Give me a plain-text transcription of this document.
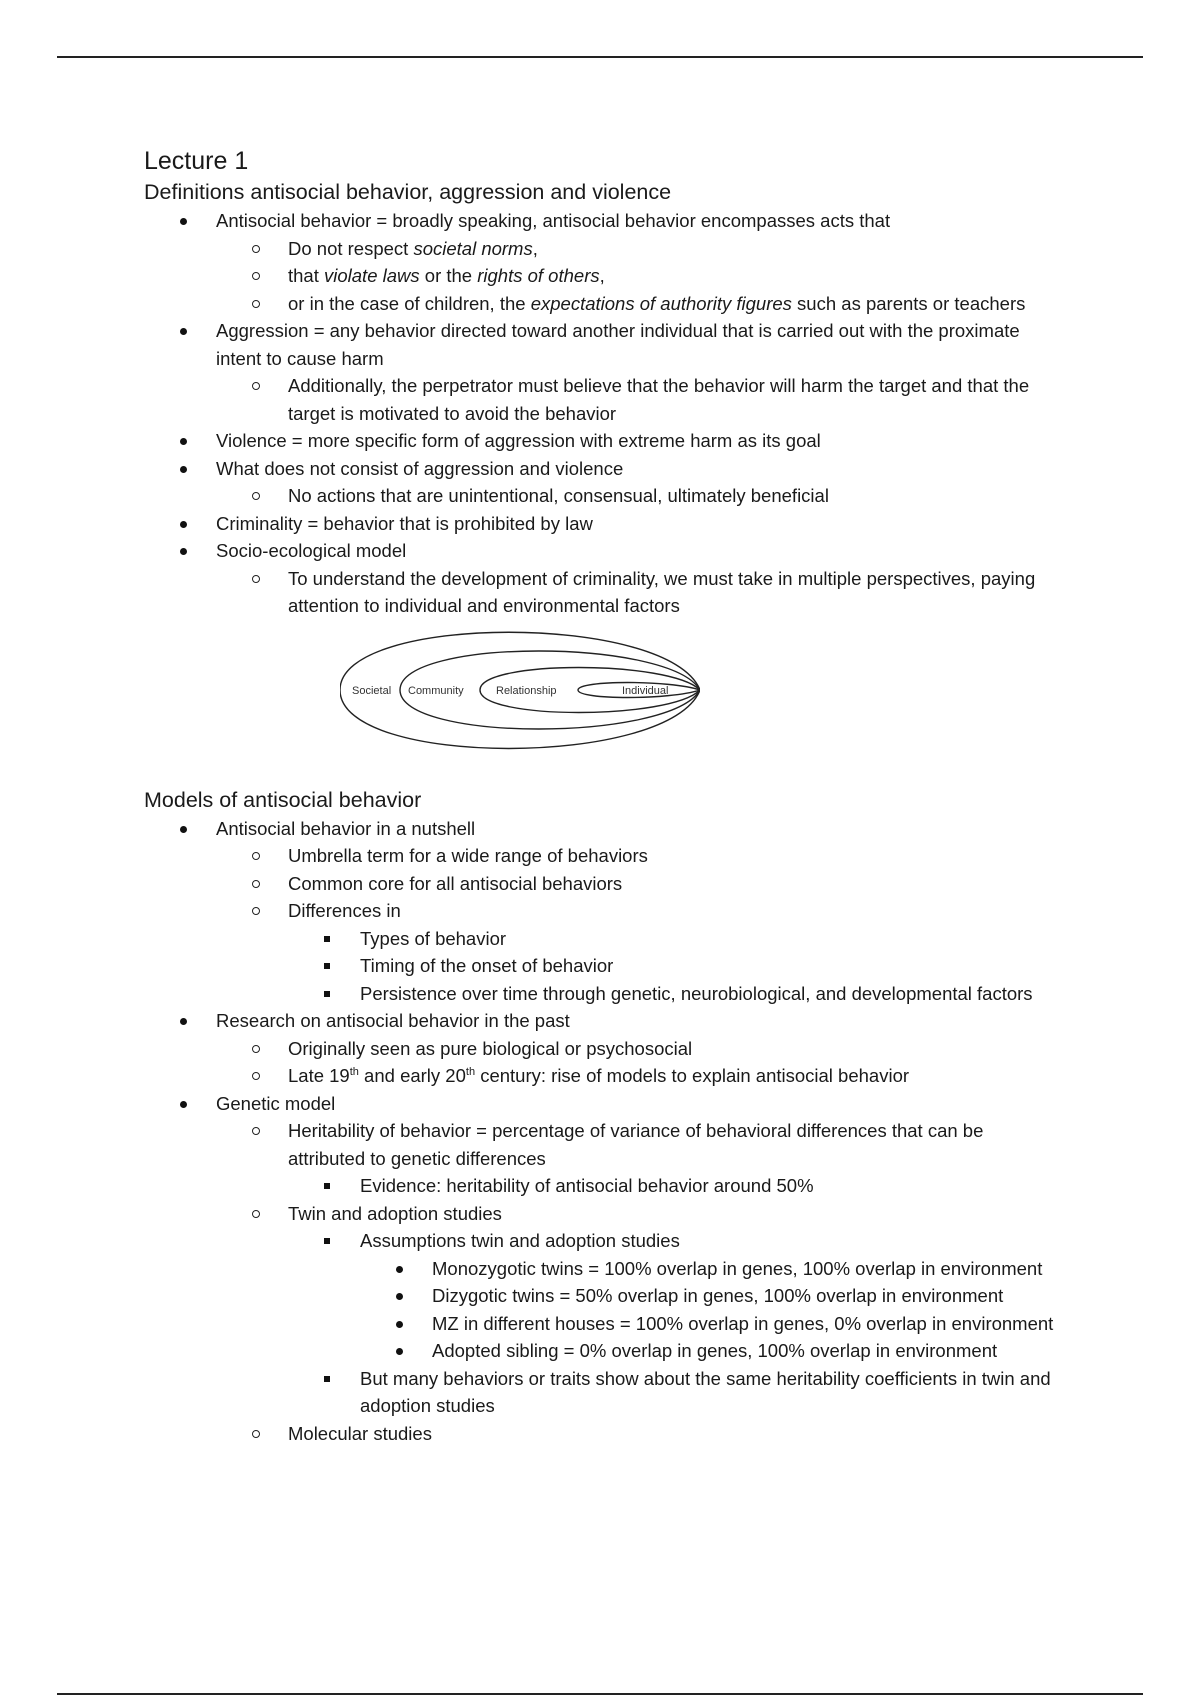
Lecture 1
Definitions antisocial behavior, aggression and violence
Antisocial behavior = broadly speaking, antisocial behavior encompasses acts that
Do not respect societal norms,
that violate laws or the rights of others,
or in the case of children, the expectations of authority figures such as parents or teachers
Aggression = any behavior directed toward another individual that is carried out with the proximate intent to cause harm
Additionally, the perpetrator must believe that the behavior will harm the target and that the target is motivated to avoid the behavior
Violence = more specific form of aggression with extreme harm as its goal
What does not consist of aggression and violence
No actions that are unintentional, consensual, ultimately beneficial
Criminality = behavior that is prohibited by law
Socio-ecological model
To understand the development of criminality, we must take in multiple perspectives, paying attention to individual and environmental factors
Societal Community	Relationship	Individual
Models of antisocial behavior
Antisocial behavior in a nutshell
Umbrella term for a wide range of behaviors
Common core for all antisocial behaviors
Differences in
Types of behavior
Timing of the onset of behavior
Persistence over time through genetic, neurobiological, and developmental factors
Research on antisocial behavior in the past
Originally seen as pure biological or psychosocial
Late 19th and early 20th century: rise of models to explain antisocial behavior
Genetic model
Heritability of behavior = percentage of variance of behavioral differences that can be attributed to genetic differences
Evidence: heritability of antisocial behavior around 50%
Twin and adoption studies
Assumptions twin and adoption studies
Monozygotic twins = 100% overlap in genes, 100% overlap in environment
Dizygotic twins = 50% overlap in genes, 100% overlap in environment
MZ in different houses = 100% overlap in genes, 0% overlap in environment
Adopted sibling = 0% overlap in genes, 100% overlap in environment
But many behaviors or traits show about the same heritability coefficients in twin and adoption studies
Molecular studies
